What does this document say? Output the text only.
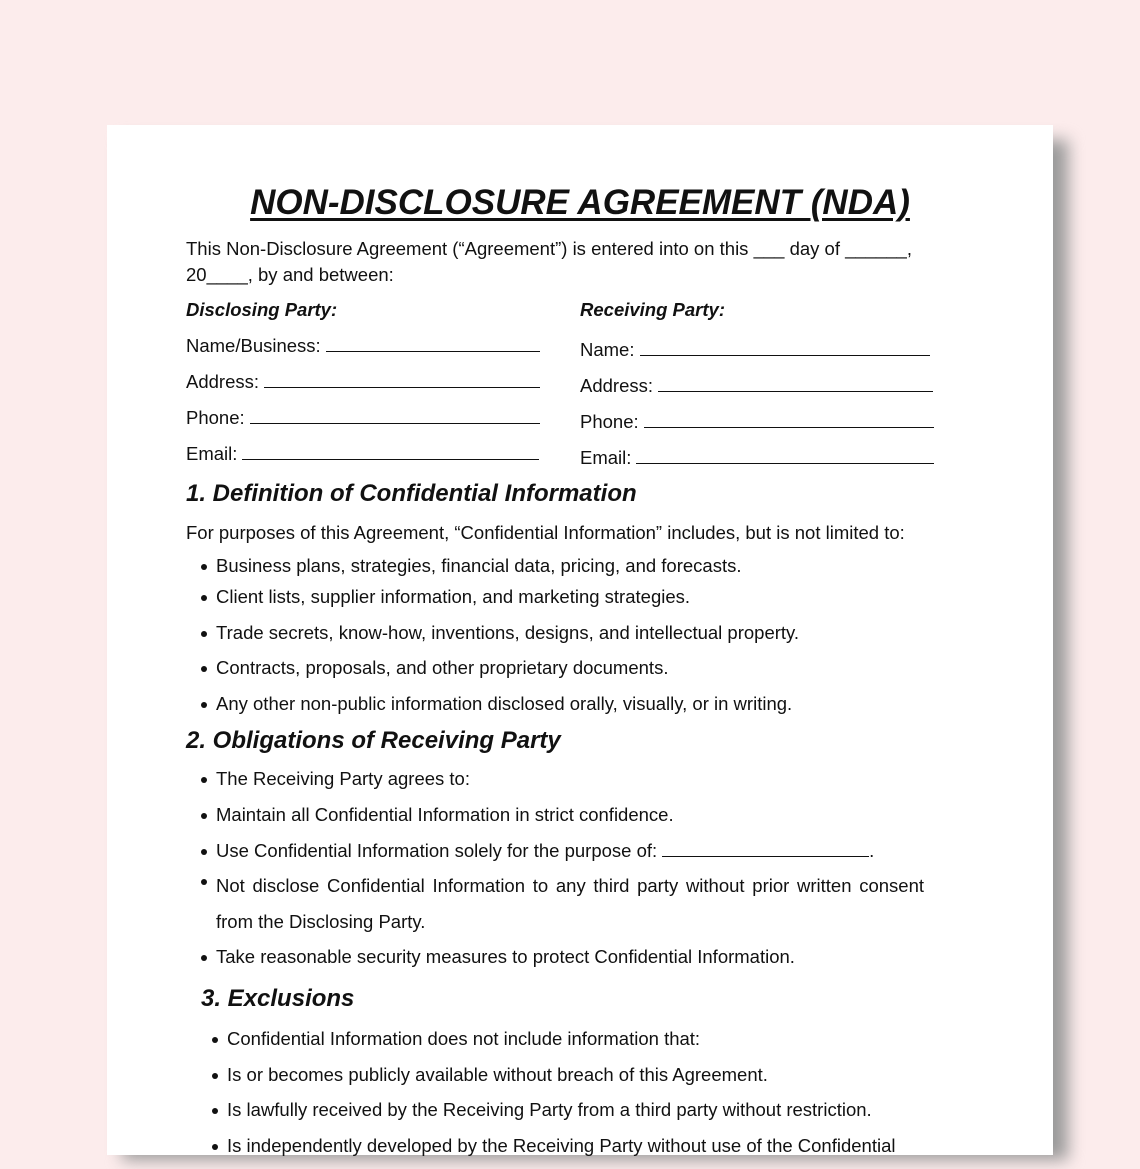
NON-DISCLOSURE AGREEMENT (NDA)
This Non-Disclosure Agreement (“Agreement”) is entered into on this ___ day of ______, 20____, by and between:
Disclosing Party:
Name/Business:
Address:
Phone:
Email:
Receiving Party:
Name:
Address:
Phone:
Email:
1. Definition of Confidential Information
For purposes of this Agreement, “Confidential Information” includes, but is not limited to:
Business plans, strategies, financial data, pricing, and forecasts.
Client lists, supplier information, and marketing strategies.
Trade secrets, know-how, inventions, designs, and intellectual property.
Contracts, proposals, and other proprietary documents.
Any other non-public information disclosed orally, visually, or in writing.
2. Obligations of Receiving Party
The Receiving Party agrees to:
Maintain all Confidential Information in strict confidence.
Use Confidential Information solely for the purpose of:	.
Not disclose Confidential Information to any third party without prior written consent from the Disclosing Party.
Take reasonable security measures to protect Confidential Information.
3. Exclusions
Confidential Information does not include information that:
Is or becomes publicly available without breach of this Agreement.
Is lawfully received by the Receiving Party from a third party without restriction.
Is independently developed by the Receiving Party without use of the Confidential
